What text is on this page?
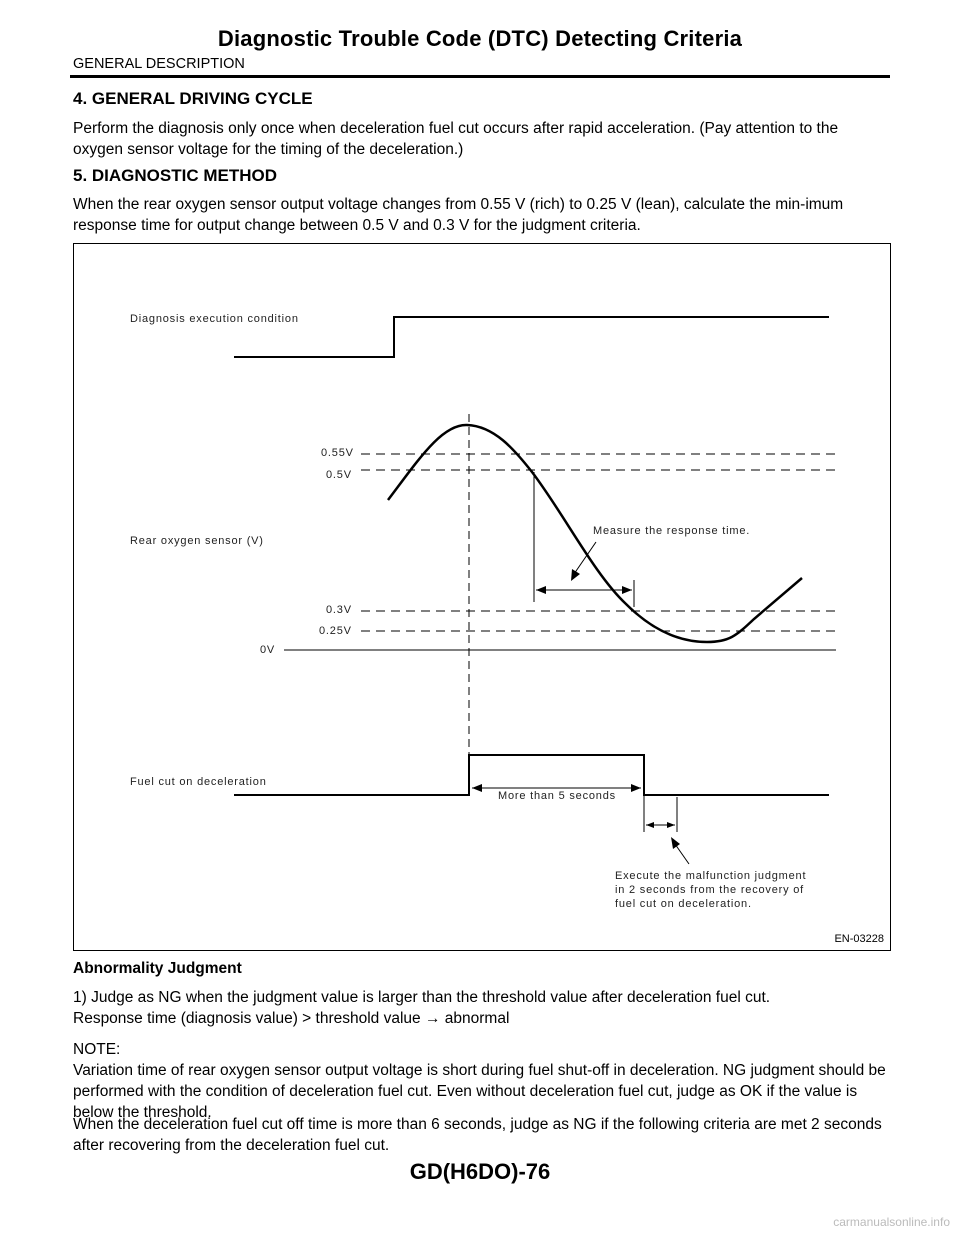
Diagnostic Trouble Code (DTC) Detecting Criteria
GENERAL DESCRIPTION
4. GENERAL DRIVING CYCLE

Perform the diagnosis only once when deceleration fuel cut occurs after rapid acceleration. (Pay attention to the oxygen sensor voltage for the timing of the deceleration.)

5. DIAGNOSTIC METHOD

When the rear oxygen sensor output voltage changes from 0.55 V (rich) to 0.25 V (lean), calculate the min-imum response time for output change between 0.5 V and 0.3 V for the judgment criteria.

Diagnosis execution condition
0.55V
0.5V
Rear oxygen sensor (V)
Measure the response time.
0.3V
0.25V
0V
Fuel cut on deceleration
More than 5 seconds
Execute the malfunction judgment
in 2 seconds from the recovery of
fuel cut on deceleration.
EN-03228

Abnormality Judgment

1) Judge as NG when the judgment value is larger than the threshold value after deceleration fuel cut.

Response time (diagnosis value) > threshold value → abnormal

NOTE:

Variation time of rear oxygen sensor output voltage is short during fuel shut-off in deceleration. NG judgment should be performed with the condition of deceleration fuel cut. Even without deceleration fuel cut, judge as OK if the value is below the threshold.

When the deceleration fuel cut off time is more than 6 seconds, judge as NG if the following criteria are met 2 seconds after recovering from the deceleration fuel cut.

GD(H6DO)-76
carmanualsonline.info
